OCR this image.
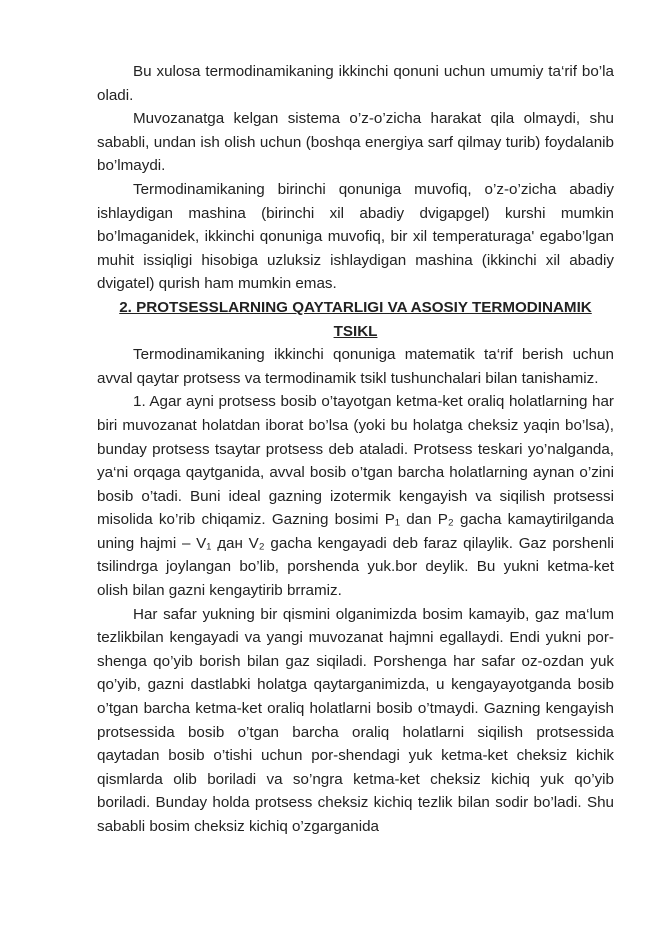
Bu xulosa termodinamikaning ikkinchi qonuni uchun umumiy ta‘rif bo’la oladi.

Muvozanatga kelgan sistema o’z-o’zicha harakat qila olmaydi, shu sababli, undan ish olish uchun (boshqa energiya sarf qilmay turib) foydalanib bo’lmaydi.

Termodinamikaning birinchi qonuniga muvofiq, o’z-o’zicha abadiy ishlaydigan mashina (birinchi xil abadiy dvigapgel) kurshi mumkin bo’lmaganidek, ikkinchi qonuniga muvofiq, bir xil temperaturaga' egabo’lgan muhit issiqligi hisobiga uzluksiz ishlaydigan mashina (ikkinchi xil abadiy dvigatel) qurish ham mumkin emas.

2. PROTSESSLARNING QAYTARLIGI VA ASOSIY TERMODINAMIK TSIKL

Termodinamikaning ikkinchi qonuniga matematik ta‘rif berish uchun avval qaytar protsess va termodinamik tsikl tushunchalari bilan tanishamiz.

1. Agar ayni protsess bosib o’tayotgan ketma-ket oraliq holatlarning har biri muvozanat holatdan iborat bo’lsa (yoki bu holatga cheksiz yaqin bo’lsa), bunday protsess tsaytar protsess deb ataladi. Protsess teskari yo’nalganda, ya‘ni orqaga qaytganida, avval bosib o’tgan barcha holatlarning aynan o’zini bosib o’tadi. Buni ideal gazning izotermik kengayish va siqilish protsessi misolida ko’rib chiqamiz. Gazning bosimi P₁ dan P₂ gacha kamaytirilganda uning hajmi – V₁ дан V₂ gacha kengayadi deb faraz qilaylik. Gaz porshenli tsilindrga joylangan bo’lib, porshenda yuk.bor deylik. Bu yukni ketma-ket olish bilan gazni kengaytirib brramiz.

Har safar yukning bir qismini olganimizda bosim kamayib, gaz ma‘lum tezlikbilan kengayadi va yangi muvozanat hajmni egallaydi. Endi yukni por-shenga qo’yib borish bilan gaz siqiladi. Porshenga har safar oz-ozdan yuk qo’yib, gazni dastlabki holatga qaytarganimizda, u kengayayotganda bosib o’tgan barcha ketma-ket oraliq holatlarni bosib o’tmaydi. Gazning kengayish protsessida bosib o’tgan barcha oraliq holatlarni siqilish protsessida qaytadan bosib o’tishi uchun por-shendagi yuk ketma-ket cheksiz kichik qismlarda olib boriladi va so’ngra ketma-ket cheksiz kichiq yuk qo’yib boriladi. Bunday holda protsess cheksiz kichiq tezlik bilan sodir bo’ladi. Shu sababli bosim cheksiz kichiq o’zgarganida
